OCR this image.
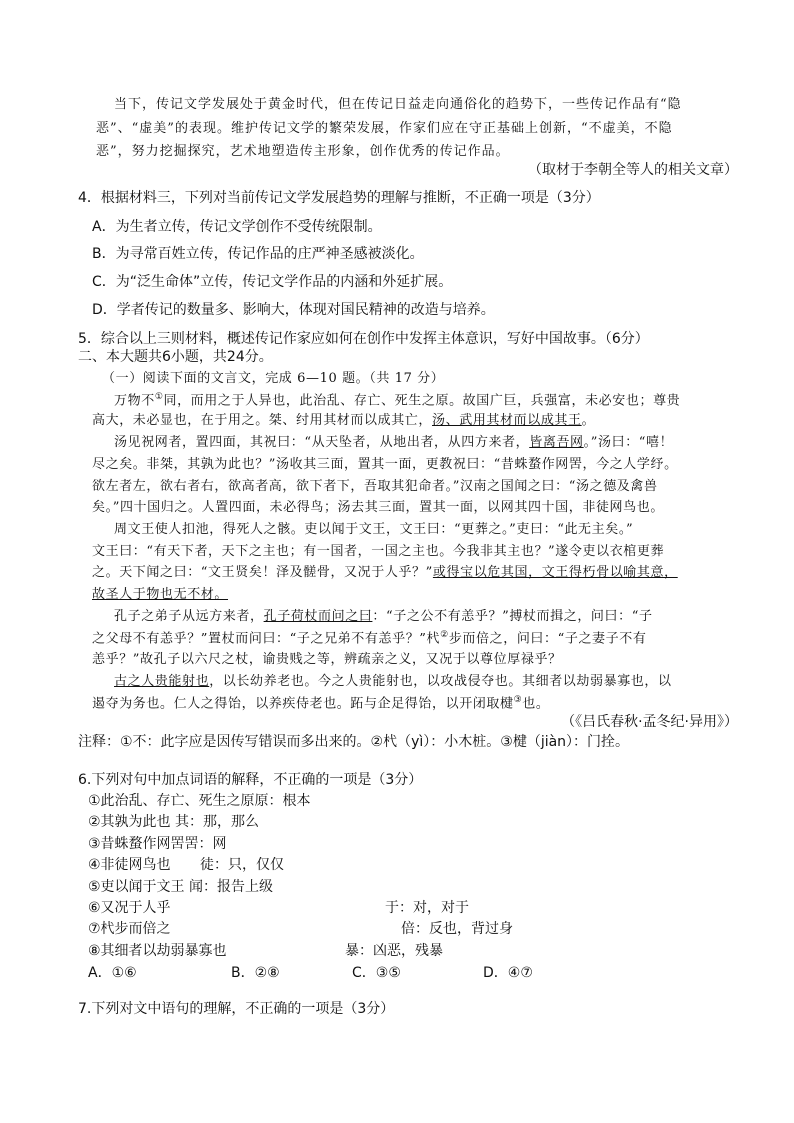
当下，传记文学发展处于黄金时代，但在传记日益走向通俗化的趋势下，一些传记作品有“隐
恶”、“虚美”的表现。维护传记文学的繁荣发展，作家们应在守正基础上创新，“不虚美，不隐
恶”，努力挖掘探究，艺术地塑造传主形象，创作优秀的传记作品。
（取材于李朝全等人的相关文章）
4．根据材料三，下列对当前传记文学发展趋势的理解与推断，不正确一项是（3分）
A．为生者立传，传记文学创作不受传统限制。
B．为寻常百姓立传，传记作品的庄严神圣感被淡化。
C．为“泛生命体”立传，传记文学作品的内涵和外延扩展。
D．学者传记的数量多、影响大，体现对国民精神的改造与培养。
5．综合以上三则材料，概述传记作家应如何在创作中发挥主体意识，写好中国故事。（6分）
二、本大题共6小题，共24分。
（一）阅读下面的文言文，完成 6—10 题。（共 17 分）
万物不①同，而用之于人异也，此治乱、存亡、死生之原。故国广巨，兵强富，未必安也；尊贵
高大，未必显也，在于用之。桀、纣用其材而以成其亡，汤、武用其材而以成其王。
汤见祝网者，置四面，其祝曰：“从天坠者，从地出者，从四方来者，皆离吾网。”汤曰：“嘻！
尽之矣。非桀，其孰为此也？”汤收其三面，置其一面，更教祝曰：“昔蛛蝥作网罟，今之人学纾。
欲左者左，欲右者右，欲高者高，欲下者下，吾取其犯命者。”汉南之国闻之曰：“汤之德及禽兽
矣。”四十国归之。人置四面，未必得鸟；汤去其三面，置其一面，以网其四十国，非徒网鸟也。
周文王使人扣池，得死人之骸。吏以闻于文王，文王曰：“更葬之。”吏曰：“此无主矣。”
文王曰：“有天下者，天下之主也；有一国者，一国之主也。今我非其主也？”遂令吏以衣棺更葬
之。天下闻之曰：“文王贤矣！泽及髊骨，又况于人乎？”或得宝以危其国，文王得朽骨以喻其意，
故圣人于物也无不材。
孔子之弟子从远方来者，孔子荷杖而问之曰：“子之公不有恙乎？”搏杖而揖之，问曰：“子
之父母不有恙乎？”置杖而问曰：“子之兄弟不有恙乎？”杙②步而倍之，问曰：“子之妻子不有
恙乎？”故孔子以六尺之杖，谕贵贱之等，辨疏亲之义，又况于以尊位厚禄乎？
古之人贵能射也，以长幼养老也。今之人贵能射也，以攻战侵夺也。其细者以劫弱暴寡也，以
遏夺为务也。仁人之得饴，以养疾侍老也。跖与企足得饴，以开闭取楗③也。
（《吕氏春秋·孟冬纪·异用》）
注释：①不：此字应是因传写错误而多出来的。②杙（yì）：小木桩。③楗（jiàn）：门拴。
6.下列对句中加点词语的解释，不正确的一项是（3分）
①此治乱、存亡、死生之原原：根本
②其孰为此也 其：那，那么
③昔蛛蝥作网罟罟：网
④非徒网鸟也 徒：只，仅仅
⑤吏以闻于文王 闻：报告上级
⑥又况于人乎	于：对，对于
⑦杙步而倍之	倍：反也，背过身
⑧其细者以劫弱暴寡也	暴：凶恶，残暴
A．①⑥	B．②⑧	C．③⑤	D．④⑦
7.下列对文中语句的理解，不正确的一项是（3分）
